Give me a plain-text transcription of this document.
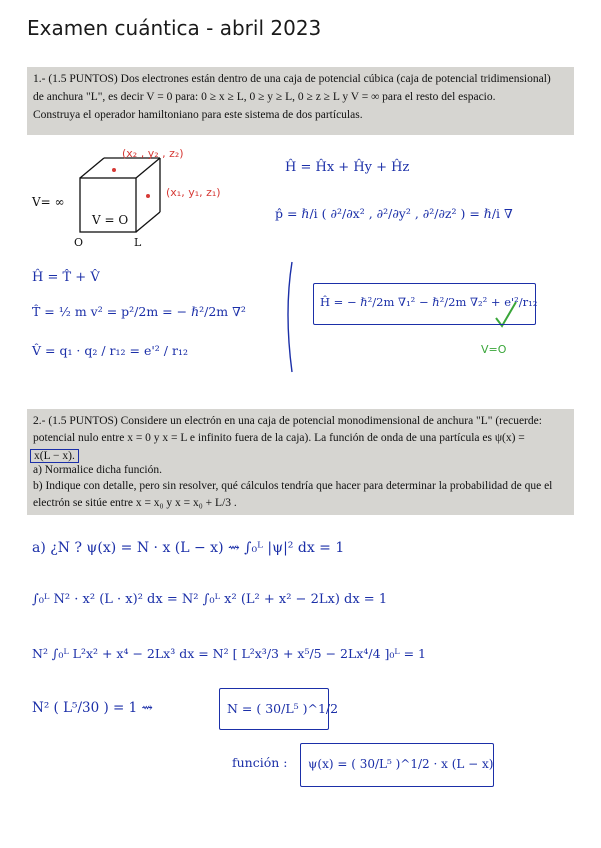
Examen cuántica - abril 2023
1.- (1.5 PUNTOS) Dos electrones están dentro de una caja de potencial cúbica (caja de potencial tridimensional)
de anchura "L", es decir V = 0 para: 0 ≥ x ≥ L, 0 ≥ y ≥ L, 0 ≥ z ≥ L y V = ∞ para el resto del espacio.
Construya el operador hamiltoniano para este sistema de dos partículas.
(x₂ , y₂ , z₂)
(x₁, y₁, z₁)
V= ∞
V = O
O	L
Ĥ = Ĥx + Ĥy + Ĥz
p̂ = ℏ/i ( ∂²/∂x² , ∂²/∂y² , ∂²/∂z² ) = ℏ/i ∇
Ĥ = T̂ + V̂
T̂ = ½ m v² = p²/2m = − ℏ²/2m ∇²
V̂ = q₁ · q₂ / r₁₂ = e'² / r₁₂
Ĥ = − ℏ²/2m ∇₁² − ℏ²/2m ∇₂² + e'²/r₁₂
V=O
2.- (1.5 PUNTOS) Considere un electrón en una caja de potencial monodimensional de anchura "L" (recuerde:
potencial nulo entre x = 0 y x = L e infinito fuera de la caja). La función de onda de una partícula es ψ(x) =
x(L − x).
a) Normalice dicha función.
b) Indique con detalle, pero sin resolver, qué cálculos tendría que hacer para determinar la probabilidad de que el
electrón se sitúe entre x = x₀ y x = x₀ + L/3 .
a) ¿N ? ψ(x) = N · x (L − x) ⇝ ∫₀ᴸ |ψ|² dx = 1
∫₀ᴸ N² · x² (L · x)² dx = N² ∫₀ᴸ x² (L² + x² − 2Lx) dx = 1
N² ∫₀ᴸ L²x² + x⁴ − 2Lx³ dx = N² [ L²x³/3 + x⁵/5 − 2Lx⁴/4 ]₀ᴸ = 1
N² ( L⁵/30 ) = 1 ⇝	N = ( 30/L⁵ )^1/2
función : ψ(x) = ( 30/L⁵ )^1/2 · x (L − x)
